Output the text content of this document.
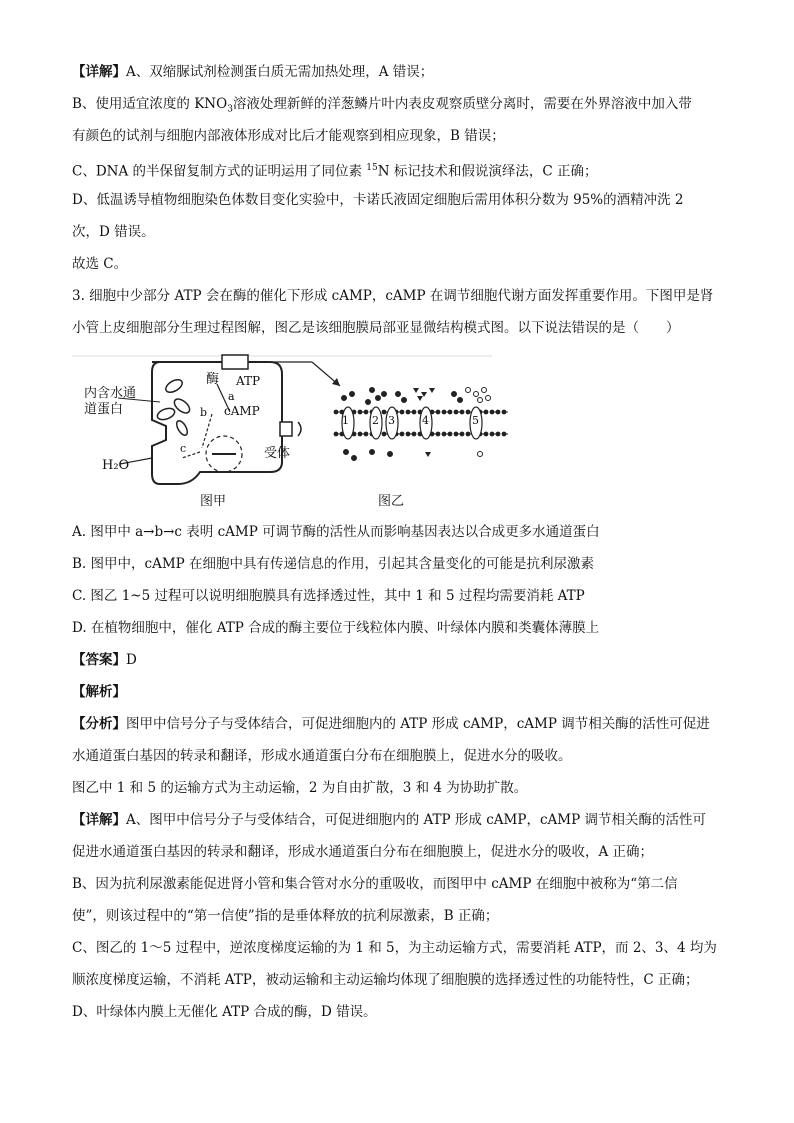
【详解】A、双缩脲试剂检测蛋白质无需加热处理，A 错误；
B、使用适宜浓度的 $KNO_3$溶液处理新鲜的洋葱鳞片叶内表皮观察质壁分离时，需要在外界溶液中加入带
有颜色的试剂与细胞内部液体形成对比后才能观察到相应现象，B 错误；
C、DNA 的半保留复制方式的证明运用了同位素 $^{15}$N 标记技术和假说演绎法，C 正确；
D、低温诱导植物细胞染色体数目变化实验中，卡诺氏液固定细胞后需用体积分数为 95%的酒精冲洗 2
次，D 错误。
故选 C。
3. 细胞中少部分 ATP 会在酶的催化下形成 cAMP，cAMP 在调节细胞代谢方面发挥重要作用。下图甲是肾
小管上皮细胞部分生理过程图解，图乙是该细胞膜局部亚显微结构模式图。以下说法错误的是（　　）
内含水通
道蛋白
酶 ATP
a
b
c
cAMP
受体
H₂O
图甲	图乙
1 2 3 4	5
A. 图甲中 a→b→c 表明 cAMP 可调节酶的活性从而影响基因表达以合成更多水通道蛋白
B. 图甲中，cAMP 在细胞中具有传递信息的作用，引起其含量变化的可能是抗利尿激素
C. 图乙 1~5 过程可以说明细胞膜具有选择透过性，其中 1 和 5 过程均需要消耗 ATP
D. 在植物细胞中，催化 ATP 合成的酶主要位于线粒体内膜、叶绿体内膜和类囊体薄膜上
【答案】D
【解析】
【分析】图甲中信号分子与受体结合，可促进细胞内的 ATP 形成 cAMP，cAMP 调节相关酶的活性可促进
水通道蛋白基因的转录和翻译，形成水通道蛋白分布在细胞膜上，促进水分的吸收。
图乙中 1 和 5 的运输方式为主动运输，2 为自由扩散，3 和 4 为协助扩散。
【详解】A、图甲中信号分子与受体结合，可促进细胞内的 ATP 形成 cAMP，cAMP 调节相关酶的活性可
促进水通道蛋白基因的转录和翻译，形成水通道蛋白分布在细胞膜上，促进水分的吸收，A 正确；
B、因为抗利尿激素能促进肾小管和集合管对水分的重吸收，而图甲中 cAMP 在细胞中被称为“第二信
使”，则该过程中的“第一信使”指的是垂体释放的抗利尿激素，B 正确；
C、图乙的 1～5 过程中，逆浓度梯度运输的为 1 和 5，为主动运输方式，需要消耗 ATP，而 2、3、4 均为
顺浓度梯度运输，不消耗 ATP，被动运输和主动运输均体现了细胞膜的选择透过性的功能特性，C 正确；
D、叶绿体内膜上无催化 ATP 合成的酶，D 错误。
